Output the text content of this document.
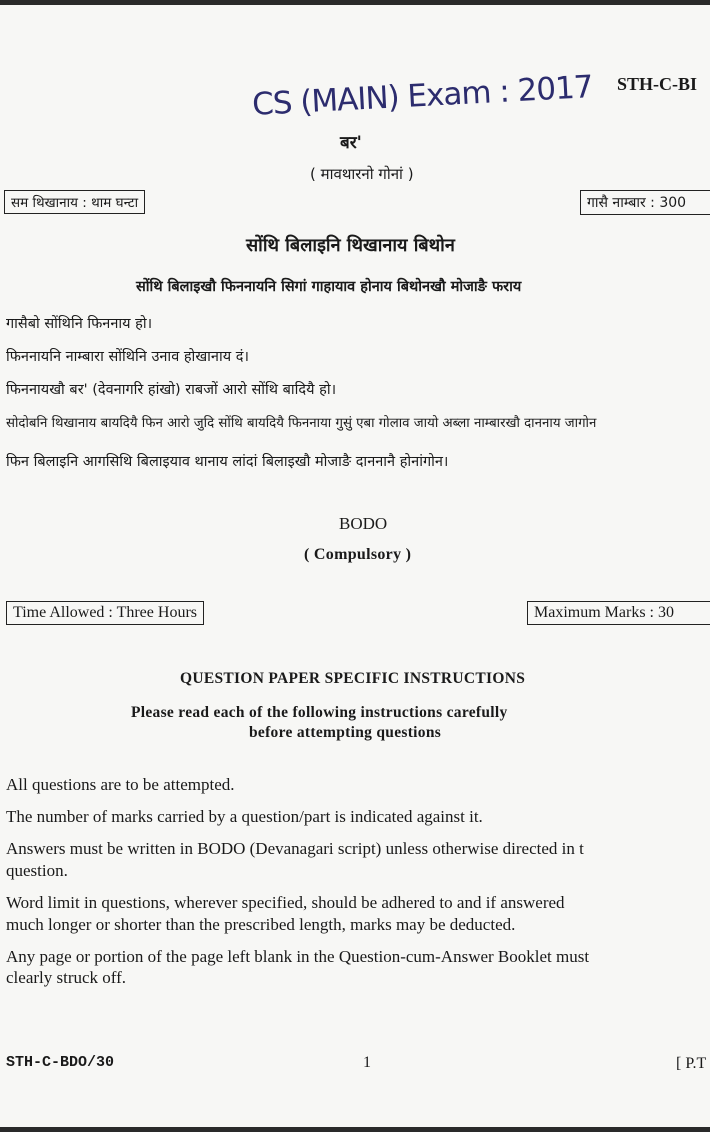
CS (MAIN) Exam : 2017 STH-C-BI
बर'
( मावथारनो गोनां )
सम थिखानाय : थाम घन्टा	गासै नाम्बार : 300
सोंथि बिलाइनि थिखानाय बिथोन
सोंथि बिलाइखौ फिननायनि सिगां गाहायाव होनाय बिथोनखौ मोजाङै फराय
गासैबो सोंथिनि फिननाय हो।
फिननायनि नाम्बारा सोंथिनि उनाव होखानाय दं।
फिननायखौ बर' (देवनागरि हांखो) राबजों आरो सोंथि बादियै हो।
सोदोबनि थिखानाय बायदियै फिन आरो जुदि सोंथि बायदियै फिननाया गुसुं एबा गोलाव जायो अब्ला नाम्बारखौ दाननाय जागोन
फिन बिलाइनि आगसिथि बिलाइयाव थानाय लांदां बिलाइखौ मोजाङै दाननानै होनांगोन।
BODO
( Compulsory )
Time Allowed : Three Hours	Maximum Marks : 30
QUESTION PAPER SPECIFIC INSTRUCTIONS
Please read each of the following instructions carefully
before attempting questions
All questions are to be attempted.
The number of marks carried by a question/part is indicated against it.
Answers must be written in BODO (Devanagari script) unless otherwise directed in t
question.
Word limit in questions, wherever specified, should be adhered to and if answered
much longer or shorter than the prescribed length, marks may be deducted.
Any page or portion of the page left blank in the Question-cum-Answer Booklet must
clearly struck off.
STH-C-BDO/30	1	[ P.T
